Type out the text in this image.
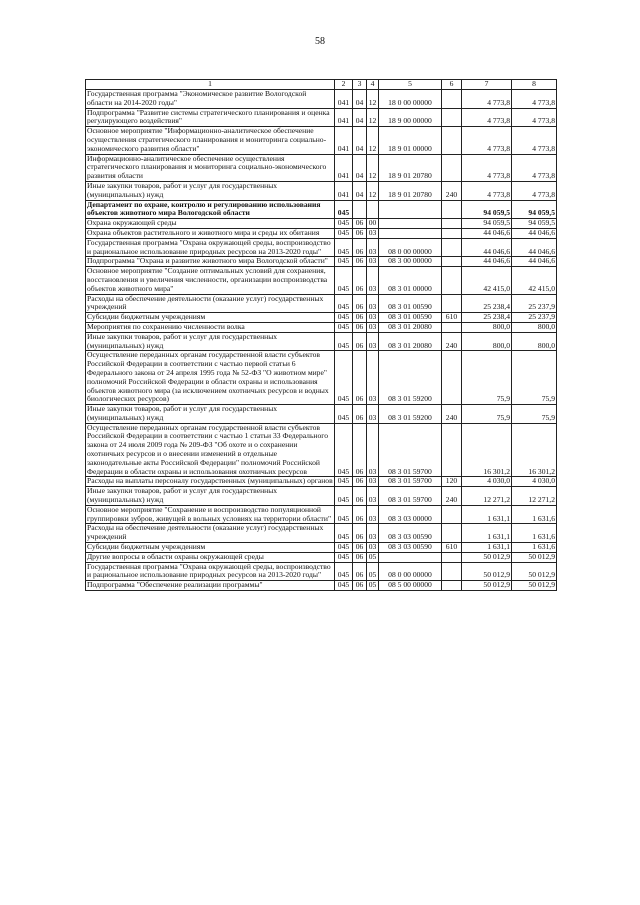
58
1	2	3	4	5	6	7	8
Государственная программа "Экономическое развитие Вологодской области на 2014-2020 годы"	041	04	12	18 0 00 00000		4 773,8	4 773,8
Подпрограмма "Развитие системы стратегического планирования и оценка регулирующего воздействия"	041	04	12	18 9 00 00000		4 773,8	4 773,8
Основное мероприятие "Информационно-аналитическое обеспечение осуществления стратегического планирования и мониторинга социально-экономического развития области"	041	04	12	18 9 01 00000		4 773,8	4 773,8
Информационно-аналитическое обеспечение осуществления стратегического планирования и мониторинга социально-экономического развития области	041	04	12	18 9 01 20780		4 773,8	4 773,8
Иные закупки товаров, работ и услуг для государственных (муниципальных) нужд	041	04	12	18 9 01 20780	240	4 773,8	4 773,8
Департамент по охране, контролю и регулированию использования объектов животного мира Вологодской области	045					94 059,5	94 059,5
Охрана окружающей среды	045	06	00			94 059,5	94 059,5
Охрана объектов растительного и животного мира и среды их обитания	045	06	03			44 046,6	44 046,6
Государственная программа "Охрана окружающей среды, воспроизводство и рациональное использование природных ресурсов на 2013-2020 годы"	045	06	03	08 0 00 00000		44 046,6	44 046,6
Подпрограмма "Охрана и развитие животного мира Вологодской области"	045	06	03	08 3 00 00000		44 046,6	44 046,6
Основное мероприятие "Создание оптимальных условий для сохранения, восстановления и увеличения численности, организации воспроизводства объектов животного мира"	045	06	03	08 3 01 00000		42 415,0	42 415,0
Расходы на обеспечение деятельности (оказание услуг) государственных учреждений	045	06	03	08 3 01 00590		25 238,4	25 237,9
Субсидии бюджетным учреждениям	045	06	03	08 3 01 00590	610	25 238,4	25 237,9
Мероприятия по сохранению численности волка	045	06	03	08 3 01 20080		800,0	800,0
Иные закупки товаров, работ и услуг для государственных (муниципальных) нужд	045	06	03	08 3 01 20080	240	800,0	800,0
Осуществление переданных органам государственной власти субъектов Российской Федерации в соответствии с частью первой статьи 6 Федерального закона от 24 апреля 1995 года № 52-ФЗ "О животном мире" полномочий Российской Федерации в области охраны и использования объектов животного мира (за исключением охотничьих ресурсов и водных биологических ресурсов)	045	06	03	08 3 01 59200		75,9	75,9
Иные закупки товаров, работ и услуг для государственных (муниципальных) нужд	045	06	03	08 3 01 59200	240	75,9	75,9
Осуществление переданных органам государственной власти субъектов Российской Федерации в соответствии с частью 1 статьи 33 Федерального закона от 24 июля 2009 года № 209-ФЗ "Об охоте и о сохранении охотничьих ресурсов и о внесении изменений в отдельные законодательные акты Российской Федерации" полномочий Российской Федерации в области охраны и использования охотничьих ресурсов	045	06	03	08 3 01 59700		16 301,2	16 301,2
Расходы на выплаты персоналу государственных (муниципальных) органов	045	06	03	08 3 01 59700	120	4 030,0	4 030,0
Иные закупки товаров, работ и услуг для государственных (муниципальных) нужд	045	06	03	08 3 01 59700	240	12 271,2	12 271,2
Основное мероприятие "Сохранение и воспроизводство популяционной группировки зубров, живущей в вольных условиях на территории области"	045	06	03	08 3 03 00000		1 631,1	1 631,6
Расходы на обеспечение деятельности (оказание услуг) государственных учреждений	045	06	03	08 3 03 00590		1 631,1	1 631,6
Субсидии бюджетным учреждениям	045	06	03	08 3 03 00590	610	1 631,1	1 631,6
Другие вопросы в области охраны окружающей среды	045	06	05			50 012,9	50 012,9
Государственная программа "Охрана окружающей среды, воспроизводство и рациональное использование природных ресурсов на 2013-2020 годы"	045	06	05	08 0 00 00000		50 012,9	50 012,9
Подпрограмма "Обеспечение реализации программы"	045	06	05	08 5 00 00000		50 012,9	50 012,9
